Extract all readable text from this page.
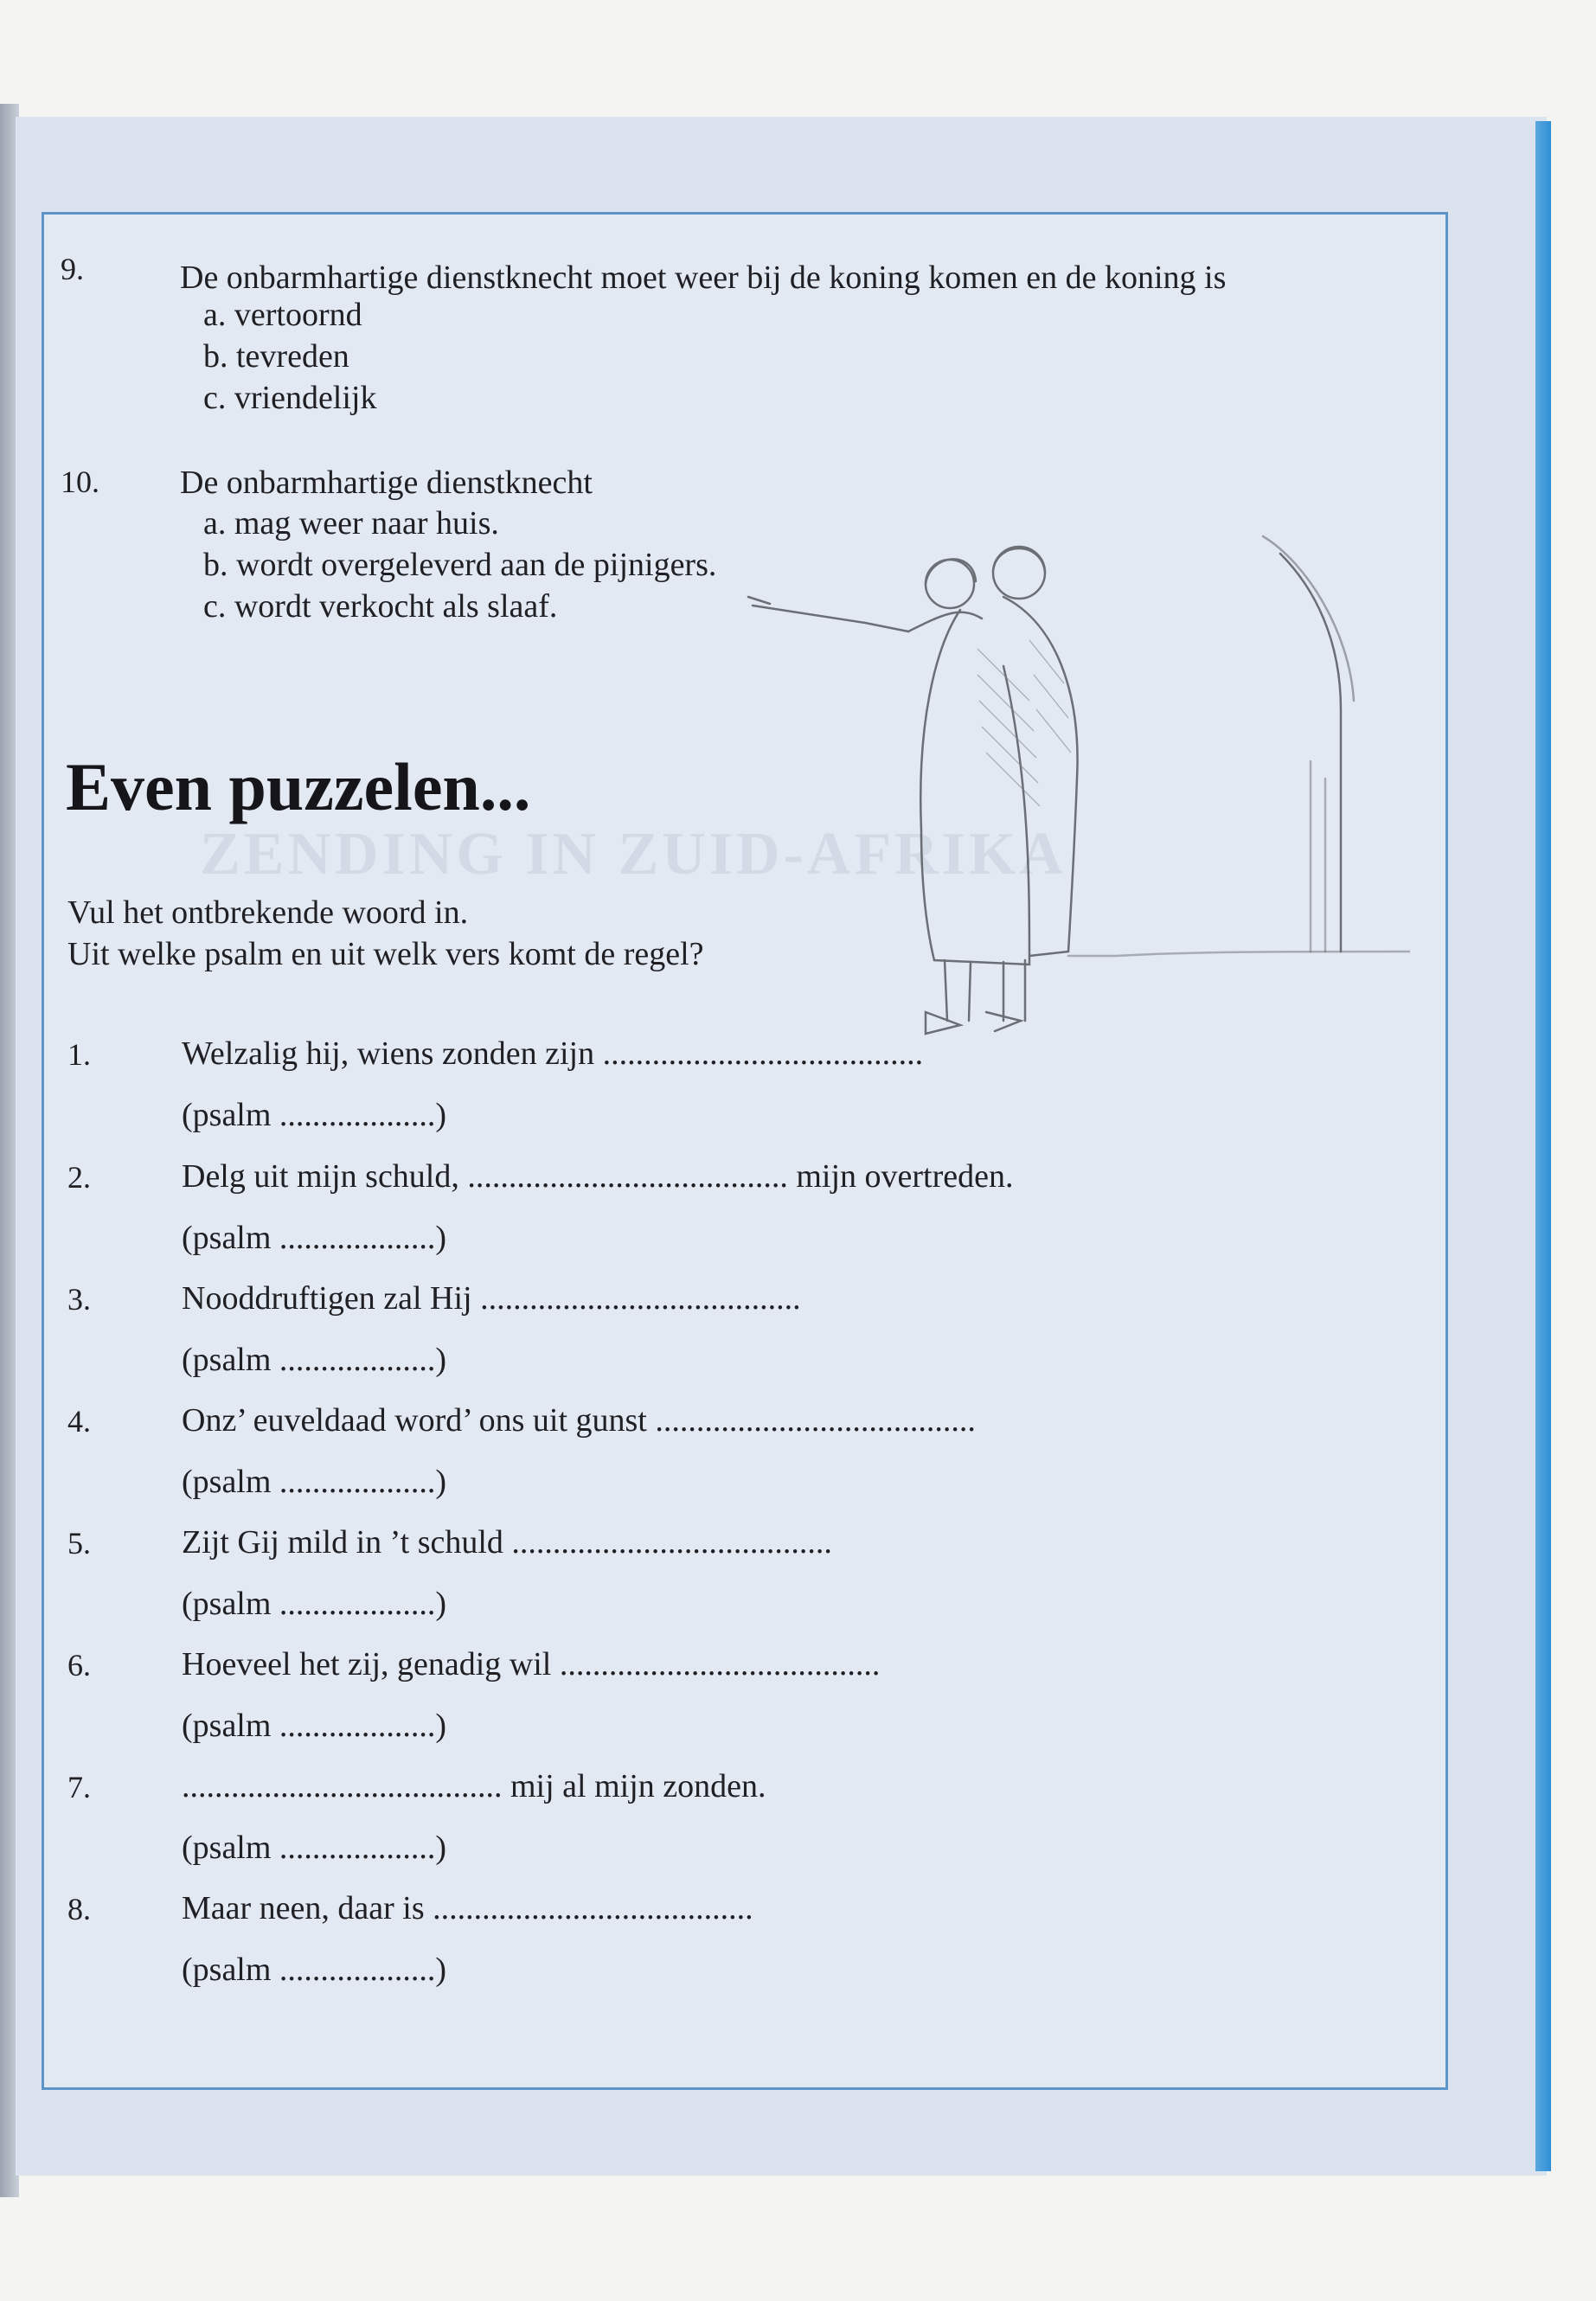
ZENDING IN ZUID-AFRIKA
9.	De onbarmhartige dienstknecht moet weer bij de koning komen en de koning is
a. vertoornd
b. tevreden
c. vriendelijk
10. De onbarmhartige dienstknecht
a. mag weer naar huis.
b. wordt overgeleverd aan de pijnigers.
c. wordt verkocht als slaaf.
Even puzzelen...
Vul het ontbrekende woord in.
Uit welke psalm en uit welk vers komt de regel?
1.	Welzalig hij, wiens zonden zijn .......................................
(psalm ...................)
2.	Delg uit mijn schuld, ....................................... mijn overtreden.
(psalm ...................)
3.	Nooddruftigen zal Hij .......................................
(psalm ...................)
4.	Onz’ euveldaad word’ ons uit gunst .......................................
(psalm ...................)
5.	Zijt Gij mild in ’t schuld .......................................
(psalm ...................)
6.	Hoeveel het zij, genadig wil .......................................
(psalm ...................)
7.	....................................... mij al mijn zonden.
(psalm ...................)
8.	Maar neen, daar is .......................................
(psalm ...................)
